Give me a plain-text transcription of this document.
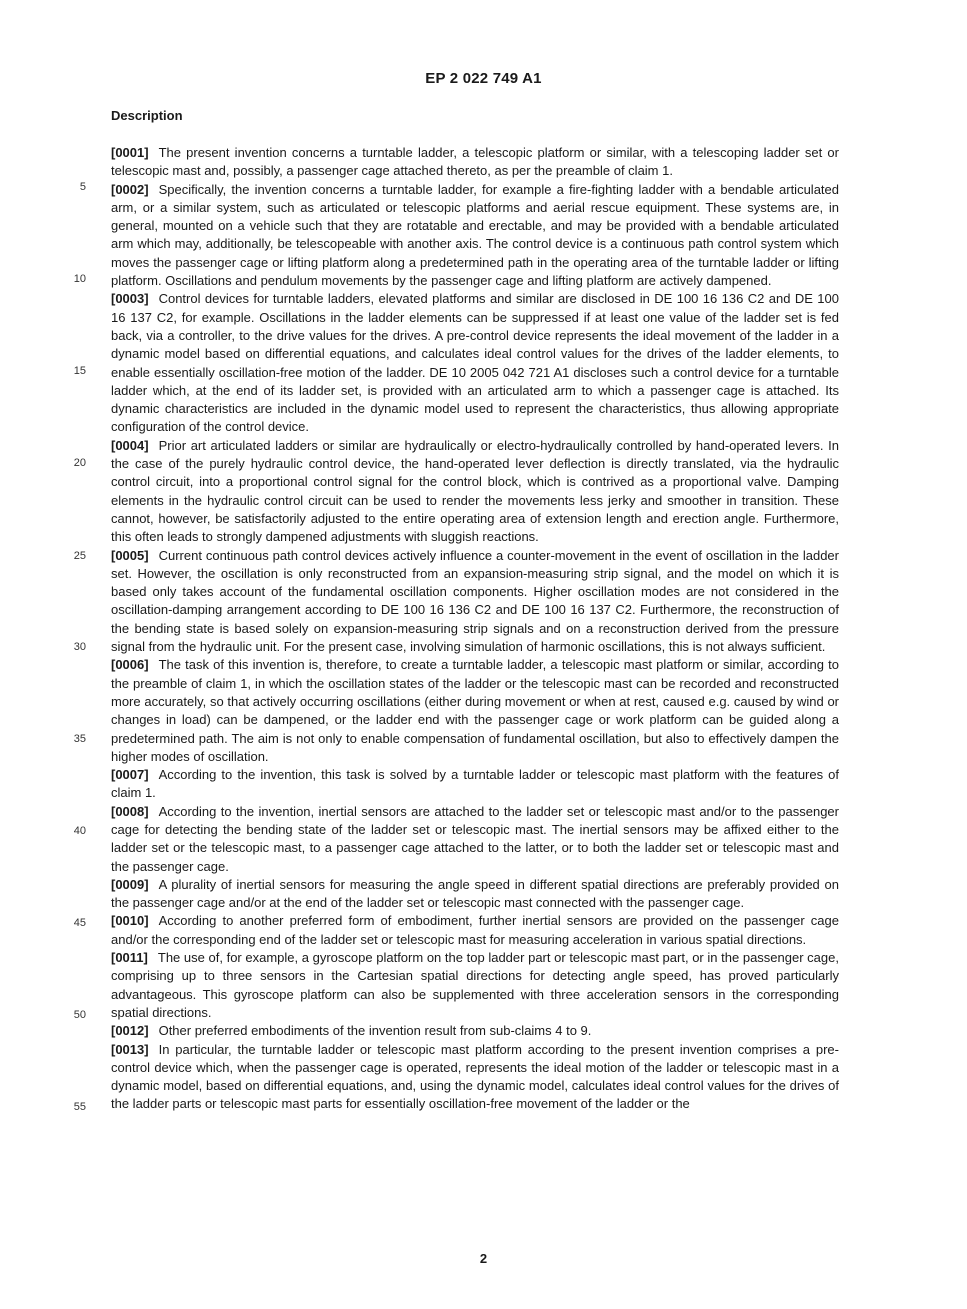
EP 2 022 749 A1
Description
5
10
15
20
25
30
35
40
45
50
55

[0001] The present invention concerns a turntable ladder, a telescopic platform or similar, with a telescoping ladder set or telescopic mast and, possibly, a passenger cage attached thereto, as per the preamble of claim 1.

[0002] Specifically, the invention concerns a turntable ladder, for example a fire-fighting ladder with a bendable articulated arm, or a similar system, such as articulated or telescopic platforms and aerial rescue equipment. These systems are, in general, mounted on a vehicle such that they are rotatable and erectable, and may be provided with a bendable articulated arm which may, additionally, be telescopeable with another axis. The control device is a continuous path control system which moves the passenger cage or lifting platform along a predetermined path in the operating area of the turntable ladder or lifting platform. Oscillations and pendulum movements by the passenger cage and lifting platform are actively dampened.

[0003] Control devices for turntable ladders, elevated platforms and similar are disclosed in DE 100 16 136 C2 and DE 100 16 137 C2, for example. Oscillations in the ladder elements can be suppressed if at least one value of the ladder set is fed back, via a controller, to the drive values for the drives. A pre-control device represents the ideal movement of the ladder in a dynamic model based on differential equations, and calculates ideal control values for the drives of the ladder elements, to enable essentially oscillation-free motion of the ladder. DE 10 2005 042 721 A1 discloses such a control device for a turntable ladder which, at the end of its ladder set, is provided with an articulated arm to which a passenger cage is attached. Its dynamic characteristics are included in the dynamic model used to represent the characteristics, thus allowing appropriate configuration of the control device.

[0004] Prior art articulated ladders or similar are hydraulically or electro-hydraulically controlled by hand-operated levers. In the case of the purely hydraulic control device, the hand-operated lever deflection is directly translated, via the hydraulic control circuit, into a proportional control signal for the control block, which is contrived as a proportional valve. Damping elements in the hydraulic control circuit can be used to render the movements less jerky and smoother in transition. These cannot, however, be satisfactorily adjusted to the entire operating area of extension length and erection angle. Furthermore, this often leads to strongly dampened adjustments with sluggish reactions.

[0005] Current continuous path control devices actively influence a counter-movement in the event of oscillation in the ladder set. However, the oscillation is only reconstructed from an expansion-measuring strip signal, and the model on which it is based only takes account of the fundamental oscillation components. Higher oscillation modes are not considered in the oscillation-damping arrangement according to DE 100 16 136 C2 and DE 100 16 137 C2. Furthermore, the reconstruction of the bending state is based solely on expansion-measuring strip signals and on a reconstruction derived from the pressure signal from the hydraulic unit. For the present case, involving simulation of harmonic oscillations, this is not always sufficient.

[0006] The task of this invention is, therefore, to create a turntable ladder, a telescopic mast platform or similar, according to the preamble of claim 1, in which the oscillation states of the ladder or the telescopic mast can be recorded and reconstructed more accurately, so that actively occurring oscillations (either during movement or when at rest, caused e.g. caused by wind or changes in load) can be dampened, or the ladder end with the passenger cage or work platform can be guided along a predetermined path. The aim is not only to enable compensation of fundamental oscillation, but also to effectively dampen the higher modes of oscillation.

[0007] According to the invention, this task is solved by a turntable ladder or telescopic mast platform with the features of claim 1.

[0008] According to the invention, inertial sensors are attached to the ladder set or telescopic mast and/or to the passenger cage for detecting the bending state of the ladder set or telescopic mast. The inertial sensors may be affixed either to the ladder set or the telescopic mast, to a passenger cage attached to the latter, or to both the ladder set or telescopic mast and the passenger cage.

[0009] A plurality of inertial sensors for measuring the angle speed in different spatial directions are preferably provided on the passenger cage and/or at the end of the ladder set or telescopic mast connected with the passenger cage.

[0010] According to another preferred form of embodiment, further inertial sensors are provided on the passenger cage and/or the corresponding end of the ladder set or telescopic mast for measuring acceleration in various spatial directions.

[0011] The use of, for example, a gyroscope platform on the top ladder part or telescopic mast part, or in the passenger cage, comprising up to three sensors in the Cartesian spatial directions for detecting angle speed, has proved particularly advantageous. This gyroscope platform can also be supplemented with three acceleration sensors in the corresponding spatial directions.

[0012] Other preferred embodiments of the invention result from sub-claims 4 to 9.

[0013] In particular, the turntable ladder or telescopic mast platform according to the present invention comprises a pre-control device which, when the passenger cage is operated, represents the ideal motion of the ladder or telescopic mast in a dynamic model, based on differential equations, and, using the dynamic model, calculates ideal control values for the drives of the ladder parts or telescopic mast parts for essentially oscillation-free movement of the ladder or the

2
